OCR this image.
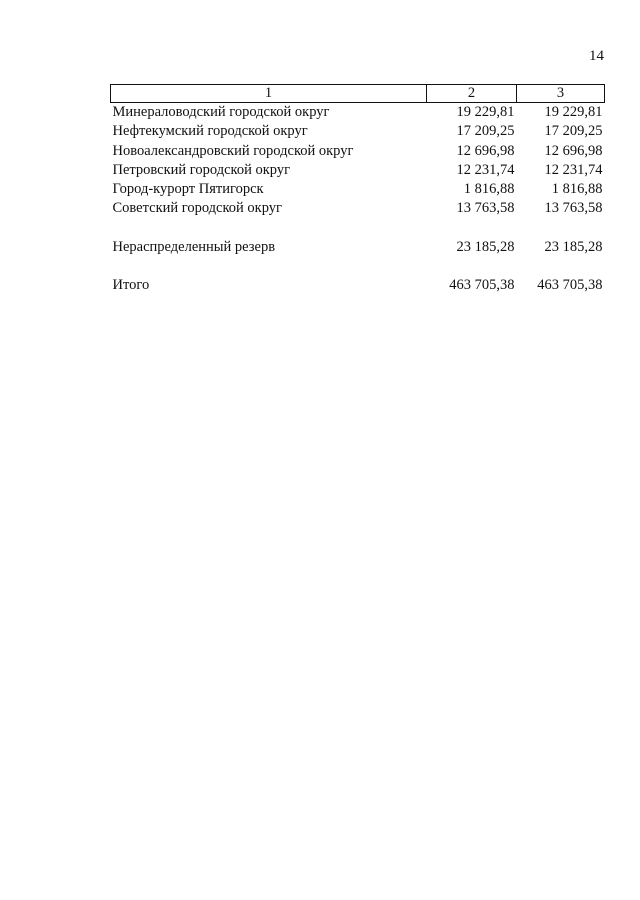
14
1	2	3
Минераловодский городской округ	19 229,81	19 229,81
Нефтекумский городской округ	17 209,25	17 209,25
Новоалександровский городской округ	12 696,98	12 696,98
Петровский городской округ	12 231,74	12 231,74
Город-курорт Пятигорск	1 816,88	1 816,88
Советский городской округ	13 763,58	13 763,58

Нераспределенный резерв	23 185,28	23 185,28

Итого	463 705,38	463 705,38
